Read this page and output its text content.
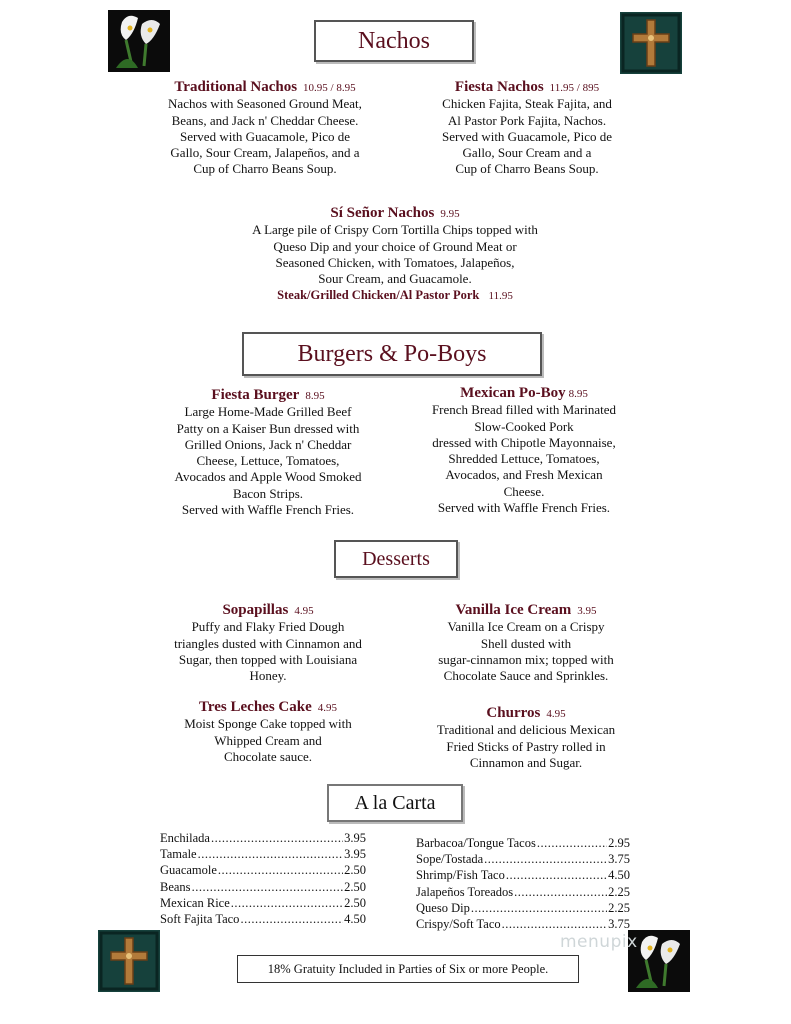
Nachos
Traditional Nachos 10.95 / 8.95
Nachos with Seasoned Ground Meat,
Beans, and Jack n' Cheddar Cheese.
Served with Guacamole, Pico de
Gallo, Sour Cream, Jalapeños, and a
Cup of Charro Beans Soup.
Fiesta Nachos 11.95 / 895
Chicken Fajita, Steak Fajita, and
Al Pastor Pork Fajita, Nachos.
Served with Guacamole, Pico de
Gallo, Sour Cream and a
Cup of Charro Beans Soup.
Sí Señor Nachos 9.95
A Large pile of Crispy Corn Tortilla Chips topped with
Queso Dip and your choice of Ground Meat or
Seasoned Chicken, with Tomatoes, Jalapeños,
Sour Cream, and Guacamole.
Steak/Grilled Chicken/Al Pastor Pork 11.95
Burgers & Po-Boys
Fiesta Burger 8.95
Large Home-Made Grilled Beef
Patty on a Kaiser Bun dressed with
Grilled Onions, Jack n' Cheddar
Cheese, Lettuce, Tomatoes,
Avocados and Apple Wood Smoked
Bacon Strips.
Served with Waffle French Fries.
Mexican Po-Boy 8.95
French Bread filled with Marinated
Slow-Cooked Pork
dressed with Chipotle Mayonnaise,
Shredded Lettuce, Tomatoes,
Avocados, and Fresh Mexican
Cheese.
Served with Waffle French Fries.
Desserts
Sopapillas 4.95
Puffy and Flaky Fried Dough
triangles dusted with Cinnamon and
Sugar, then topped with Louisiana
Honey.
Vanilla Ice Cream 3.95
Vanilla Ice Cream on a Crispy
Shell dusted with
sugar-cinnamon mix; topped with
Chocolate Sauce and Sprinkles.
Tres Leches Cake 4.95
Moist Sponge Cake topped with
Whipped Cream and
Chocolate sauce.
Churros 4.95
Traditional and delicious Mexican
Fried Sticks of Pastry rolled in
Cinnamon and Sugar.
A la Carta
Enchilada .....	3.95
Tamale .....	3.95
Guacamole .....	2.50
Beans .....	2.50
Mexican Rice .....	2.50
Soft Fajita Taco .....	4.50
Barbacoa/Tongue Tacos .....	2.95
Sope/Tostada .....	3.75
Shrimp/Fish Taco .....	4.50
Jalapeños Toreados .....	2.25
Queso Dip .....	2.25
Crispy/Soft Taco .....	3.75
menupix
18% Gratuity Included in Parties of Six or more People.
